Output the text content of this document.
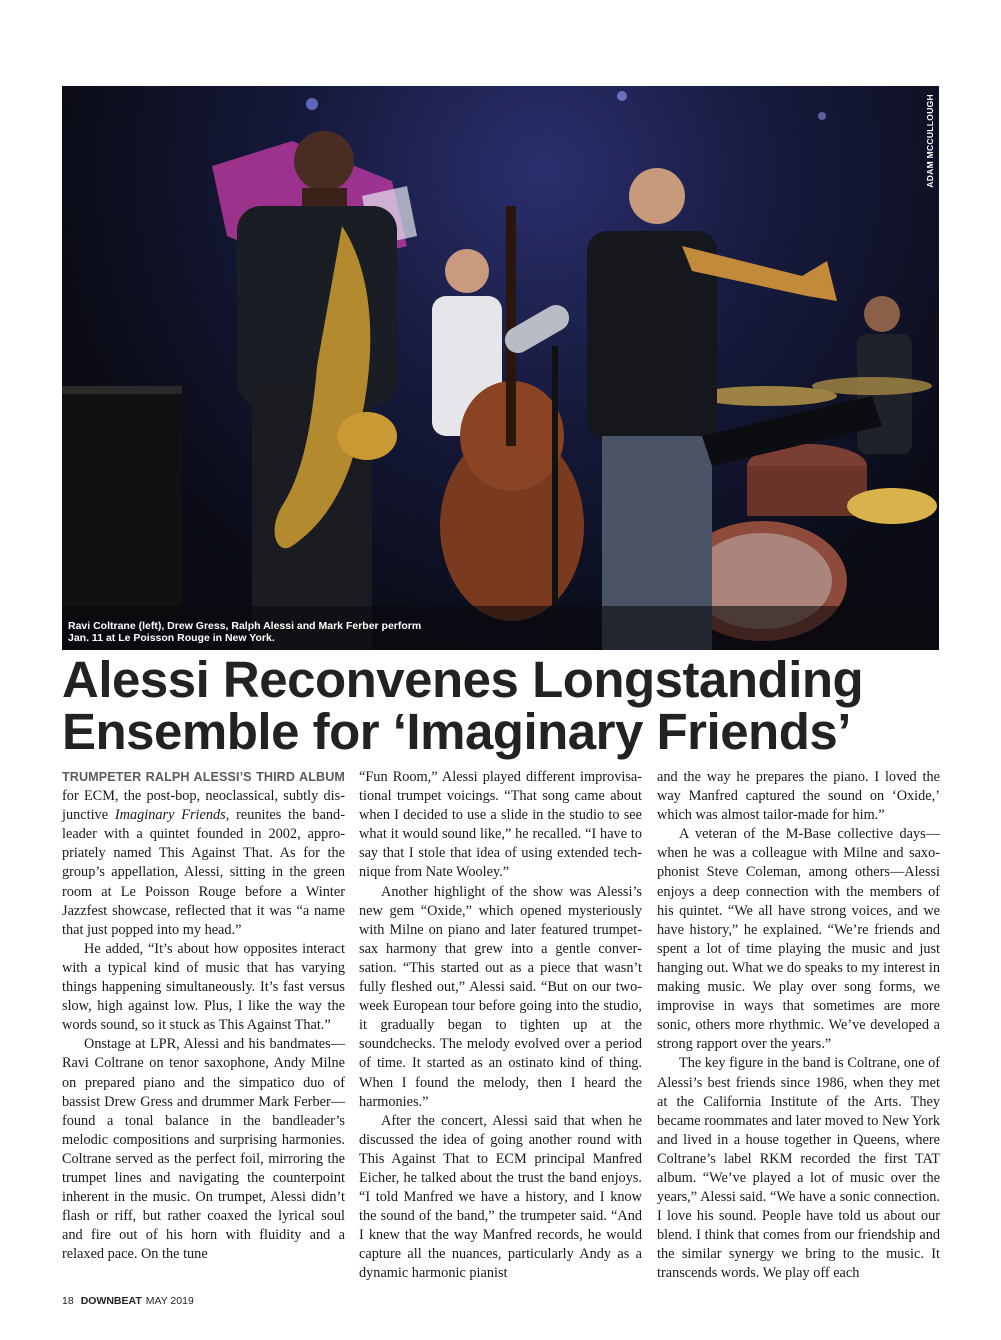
ADAM MCCULLOUGH
Ravi Coltrane (left), Drew Gress, Ralph Alessi and Mark Ferber perform Jan. 11 at Le Poisson Rouge in New York.
Alessi Reconvenes Longstanding
Ensemble for ‘Imaginary Friends’

TRUMPETER RALPH ALESSI’S THIRD ALBUM for ECM, the post-bop, neoclassical, subtly disjunctive Imaginary Friends, reunites the bandleader with a quintet founded in 2002, appropriately named This Against That. As for the group’s appellation, Alessi, sitting in the green room at Le Poisson Rouge before a Winter Jazzfest showcase, reflected that it was “a name that just popped into my head.”

He added, “It’s about how opposites interact with a typical kind of music that has varying things happening simultaneously. It’s fast versus slow, high against low. Plus, I like the way the words sound, so it stuck as This Against That.”

Onstage at LPR, Alessi and his bandmates—Ravi Coltrane on tenor saxophone, Andy Milne on prepared piano and the simpatico duo of bassist Drew Gress and drummer Mark Ferber—found a tonal balance in the bandleader’s melodic compositions and surprising harmonies. Coltrane served as the perfect foil, mirroring the trumpet lines and navigating the counterpoint inherent in the music. On trumpet, Alessi didn’t flash or riff, but rather coaxed the lyrical soul and fire out of his horn with fluidity and a relaxed pace. On the tune

“Fun Room,” Alessi played different improvisational trumpet voicings. “That song came about when I decided to use a slide in the studio to see what it would sound like,” he recalled. “I have to say that I stole that idea of using extended technique from Nate Wooley.”

Another highlight of the show was Alessi’s new gem “Oxide,” which opened mysteriously with Milne on piano and later featured trumpet-sax harmony that grew into a gentle conversation. “This started out as a piece that wasn’t fully fleshed out,” Alessi said. “But on our two-week European tour before going into the studio, it gradually began to tighten up at the soundchecks. The melody evolved over a period of time. It started as an ostinato kind of thing. When I found the melody, then I heard the harmonies.”

After the concert, Alessi said that when he discussed the idea of going another round with This Against That to ECM principal Manfred Eicher, he talked about the trust the band enjoys. “I told Manfred we have a history, and I know the sound of the band,” the trumpeter said. “And I knew that the way Manfred records, he would capture all the nuances, particularly Andy as a dynamic harmonic pianist

and the way he prepares the piano. I loved the way Manfred captured the sound on ‘Oxide,’ which was almost tailor-made for him.”

A veteran of the M-Base collective days—when he was a colleague with Milne and saxophonist Steve Coleman, among others—Alessi enjoys a deep connection with the members of his quintet. “We all have strong voices, and we have history,” he explained. “We’re friends and spent a lot of time playing the music and just hanging out. What we do speaks to my interest in making music. We play over song forms, we improvise in ways that sometimes are more sonic, others more rhythmic. We’ve developed a strong rapport over the years.”

The key figure in the band is Coltrane, one of Alessi’s best friends since 1986, when they met at the California Institute of the Arts. They became roommates and later moved to New York and lived in a house together in Queens, where Coltrane’s label RKM recorded the first TAT album. “We’ve played a lot of music over the years,” Alessi said. “We have a sonic connection. I love his sound. People have told us about our blend. I think that comes from our friendship and the similar synergy we bring to the music. It transcends words. We play off each

18 DOWNBEAT MAY 2019
